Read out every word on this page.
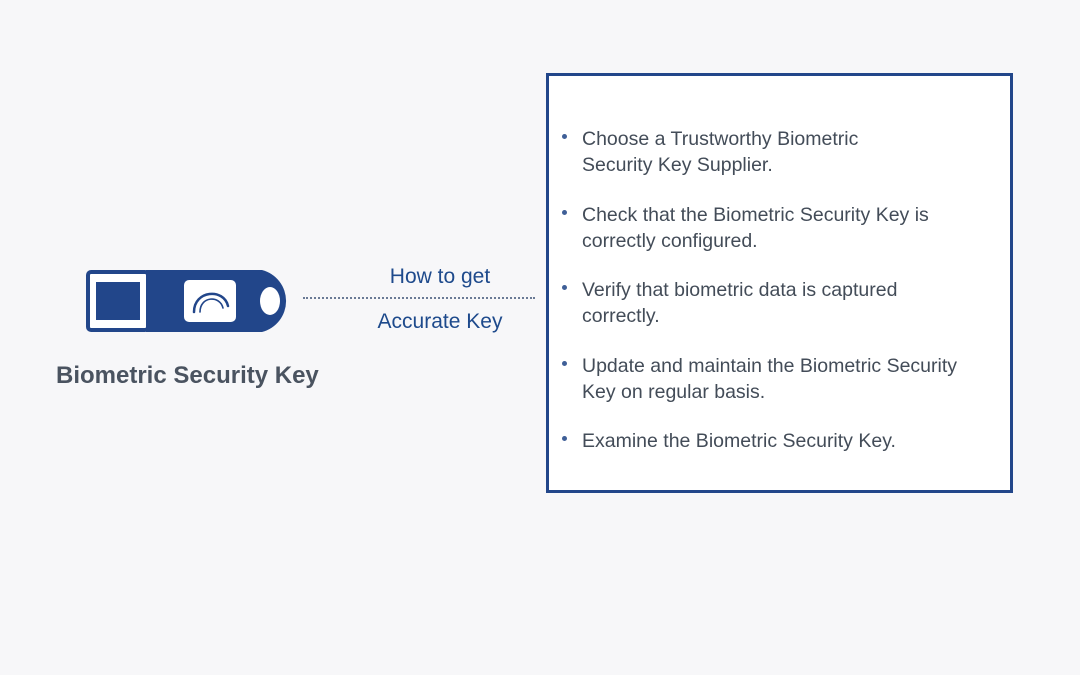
Biometric Security Key
How to get
Accurate Key
Choose a Trustworthy Biometric
Security Key Supplier.
Check that the Biometric Security Key is
correctly configured.
Verify that biometric data is captured
correctly.
Update and maintain the Biometric Security
Key on regular basis.
Examine the Biometric Security Key.
